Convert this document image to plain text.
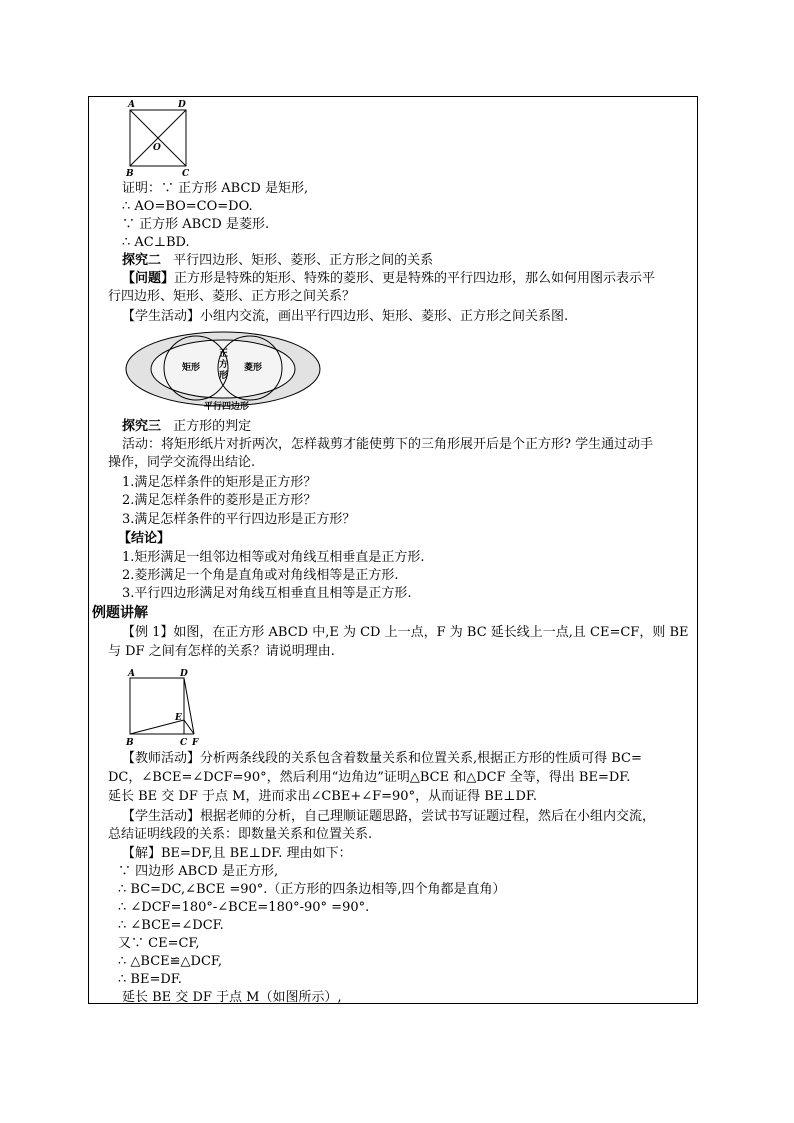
A	D
B	C
O
证明：∵ 正方形 ABCD 是矩形,
∴ AO=BO=CO=DO.
∵ 正方形 ABCD 是菱形.
∴ AC⊥BD.
探究二 平行四边形、矩形、菱形、正方形之间的关系
【问题】正方形是特殊的矩形、特殊的菱形、更是特殊的平行四边形，那么如何用图示表示平
行四边形、矩形、菱形、正方形之间关系？
【学生活动】小组内交流，画出平行四边形、矩形、菱形、正方形之间关系图.
矩形	菱形
正
方
形
平行四边形
探究三 正方形的判定
活动：将矩形纸片对折两次，怎样裁剪才能使剪下的三角形展开后是个正方形? 学生通过动手
操作，同学交流得出结论.
1.满足怎样条件的矩形是正方形？
2.满足怎样条件的菱形是正方形？
3.满足怎样条件的平行四边形是正方形？
【结论】
1.矩形满足一组邻边相等或对角线互相垂直是正方形.
2.菱形满足一个角是直角或对角线相等是正方形.
3.平行四边形满足对角线互相垂直且相等是正方形.
例题讲解
【例 1】如图，在正方形 ABCD 中,E 为 CD 上一点，F 为 BC 延长线上一点,且 CE=CF，则 BE
与 DF 之间有怎样的关系？请说明理由.
A	D
E
B	C F
【教师活动】分析两条线段的关系包含着数量关系和位置关系,根据正方形的性质可得 BC=
DC，∠BCE=∠DCF=90°，然后利用“边角边”证明△BCE 和△DCF 全等，得出 BE=DF.
延长 BE 交 DF 于点 M，进而求出∠CBE+∠F=90°，从而证得 BE⊥DF.
【学生活动】根据老师的分析，自己理顺证题思路，尝试书写证题过程，然后在小组内交流，
总结证明线段的关系：即数量关系和位置关系.
【解】BE=DF,且 BE⊥DF. 理由如下：
∵ 四边形 ABCD 是正方形,
∴ BC=DC,∠BCE =90°.（正方形的四条边相等,四个角都是直角）
∴ ∠DCF=180°-∠BCE=180°-90° =90°.
∴ ∠BCE=∠DCF.
又∵ CE=CF,
∴ △BCE≌△DCF,
∴ BE=DF.
延长 BE 交 DF 于点 M（如图所示）,
